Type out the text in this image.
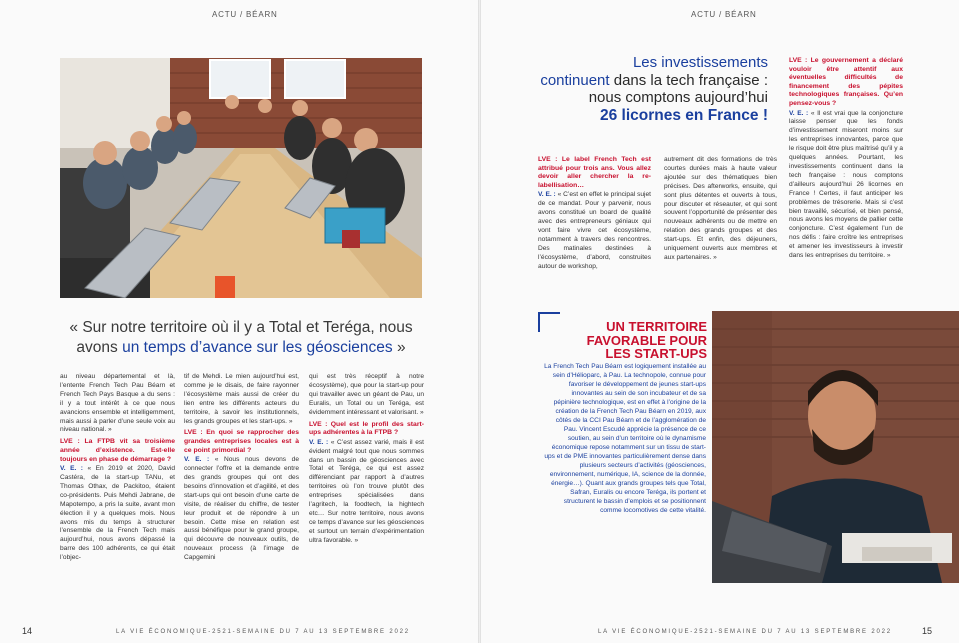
ACTU / BÉARN
« Sur notre territoire où il y a Total et Teréga, nous avons un temps d’avance sur les géosciences »

au niveau départemental et là, l’entente French Tech Pau Béarn et French Tech Pays Basque a du sens : il y a tout intérêt à ce que nous avancions ensemble et intelligemment, mais aussi à parler d’une seule voix au niveau national. »

LVE : La FTPB vit sa troisième année d’existence. Est-elle toujours en phase de démarrage ?

V. E. : « En 2019 et 2020, David Castéra, de la start-up TANu, et Thomas Othax, de Packitoo, étaient co-présidents. Puis Mehdi Jabrane, de Mapotempo, a pris la suite, avant mon élection il y a quelques mois. Nous avons mis du temps à structurer l’ensemble de la French Tech mais aujourd’hui, nous avons dépassé la barre des 100 adhérents, ce qui était l’objec-

tif de Mehdi. Le mien aujourd’hui est, comme je le disais, de faire rayonner l’écosystème mais aussi de créer du lien entre les différents acteurs du territoire, à savoir les institutionnels, les grands groupes et les start-ups. »

LVE : En quoi se rapprocher des grandes entreprises locales est à ce point primordial ?

V. E. : « Nous nous devons de connecter l’offre et la demande entre des grands groupes qui ont des besoins d’innovation et d’agilité, et des start-ups qui ont besoin d’une carte de visite, de réaliser du chiffre, de tester leur produit et de répondre à un besoin. Cette mise en relation est aussi bénéfique pour le grand groupe, qui découvre de nouveaux outils, de nouveaux process (à l’image de Capgemini

qui est très réceptif à notre écosystème), que pour la start-up pour qui travailler avec un géant de Pau, un Euralis, un Total ou un Teréga, est évidemment intéressant et valorisant. »

LVE : Quel est le profil des start-ups adhérentes à la FTPB ?

V. E. : « C’est assez varié, mais il est évident malgré tout que nous sommes dans un bassin de géosciences avec Total et Teréga, ce qui est assez différenciant par rapport à d’autres territoires où l’on trouve plutôt des entreprises spécialisées dans l’agritech, la foodtech, la hightech etc… Sur notre territoire, nous avons ce temps d’avance sur les géosciences et surtout un terrain d’expérimentation ultra favorable. »

14	LA VIE ÉCONOMIQUE-2521-SEMAINE DU 7 AU 13 SEPTEMBRE 2022
ACTU / BÉARN
Les investissements
continuent dans la tech française :
nous comptons aujourd’hui
26 licornes en France !
LVE : Le label French Tech est attribué pour trois ans. Vous allez devoir aller chercher la re-labellisation…

V. E. : « C’est en effet le principal sujet de ce mandat. Pour y parvenir, nous avons constitué un board de qualité avec des entrepreneurs géniaux qui vont faire vivre cet écosystème, notamment à travers des rencontres. Des matinales destinées à l’écosystème, d’abord, construites autour de workshop,

autrement dit des formations de très courtes durées mais à haute valeur ajoutée sur des thématiques bien précises. Des afterworks, ensuite, qui sont plus détentes et ouverts à tous, pour discuter et réseauter, et qui sont souvent l’opportunité de présenter des nouveaux adhérents ou de mettre en relation des grands groupes et des start-ups. Et enfin, des déjeuners, uniquement ouverts aux membres et aux partenaires. »

LVE : Le gouvernement a déclaré vouloir être attentif aux éventuelles difficultés de financement des pépites technologiques françaises. Qu’en pensez-vous ?

V. E. : « Il est vrai que la conjoncture laisse penser que les fonds d’investissement miseront moins sur les entreprises innovantes, parce que le risque doit être plus maîtrisé qu’il y a quelques années. Pourtant, les investissements continuent dans la tech française : nous comptons d’ailleurs aujourd’hui 26 licornes en France ! Certes, il faut anticiper les problèmes de trésorerie. Mais si c’est bien travaillé, sécurisé, et bien pensé, nous avons les moyens de pallier cette conjoncture. C’est également l’un de nos défis : faire croître les entreprises et amener les investisseurs à investir dans les entreprises du territoire. »

UN TERRITOIRE
FAVORABLE POUR
LES START-UPS
La French Tech Pau Béarn est logiquement installée au sein d’Hélioparc, à Pau. La technopole, connue pour favoriser le développement de jeunes start-ups innovantes au sein de son incubateur et de sa pépinière technologique, est en effet à l’origine de la création de la French Tech Pau Béarn en 2019, aux côtés de la CCI Pau Béarn et de l’agglomération de Pau. Vincent Escudé apprécie la présence de ce soutien, au sein d’un territoire où le dynamisme économique repose notamment sur un tissu de start-ups et de PME innovantes particulièrement dense dans plusieurs secteurs d’activités (géosciences, environnement, numérique, IA, science de la donnée, énergie…). Quant aux grands groupes tels que Total, Safran, Euralis ou encore Teréga, ils portent et structurent le bassin d’emplois et se positionnent comme locomotives de cette vitalité.
15
LA VIE ÉCONOMIQUE-2521-SEMAINE DU 7 AU 13 SEPTEMBRE 2022
